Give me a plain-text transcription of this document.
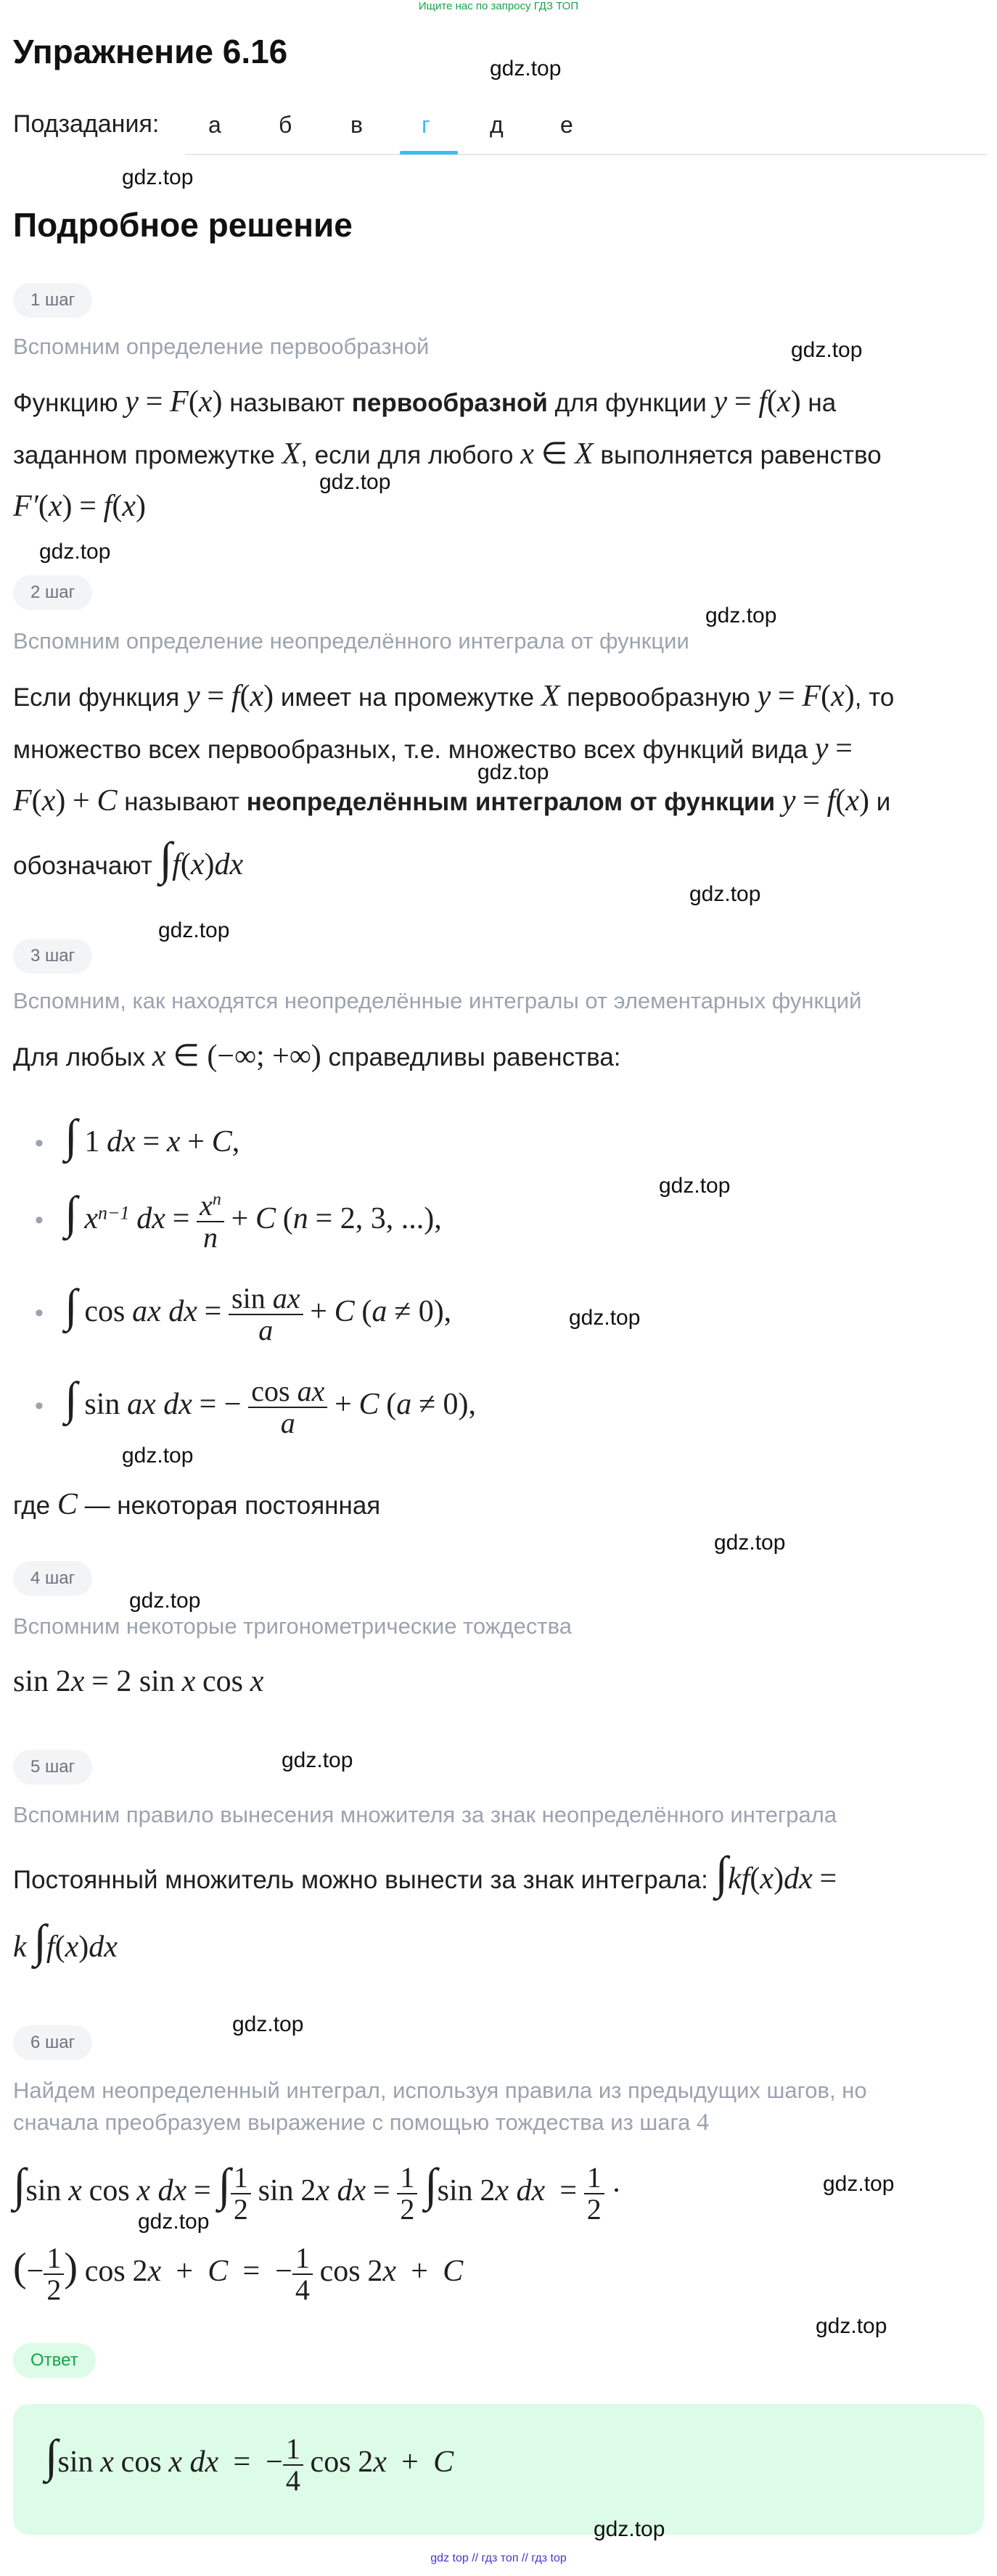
Ищите нас по запросу ГДЗ ТОП
Упражнение 6.16	gdz.top
Подзадания: а б	в	г	д е
gdz.top
Подробное решение
1 шаг
Вспомним определение первообразной	gdz.top
Функцию y = F(x) называют первообразной для функции y = f(x) на
заданном промежутке X, если для любого x ∈ X выполняется равенство
gdz.top
F′(x) = f(x)
gdz.top
2 шаг
gdz.top
Вспомним определение неопределённого интеграла от функции
Если функция y = f(x) имеет на промежутке X первообразную y = F(x), то
множество всех первообразных, т.е. множество всех функций вида y =
gdz.top
F(x) + C называют неопределённым интегралом от функции y = f(x) и
обозначают ∫f(x)dx
gdz.top
gdz.top
3 шаг
Вспомним, как находятся неопределённые интегралы от элементарных функций
Для любых x ∈ (−∞; +∞) справедливы равенства:
• ∫ 1 dx = x + C,
gdz.top
• ∫ $x^{n-1}$ dx = $\frac{x^n}{n} + C$ (n = 2, 3, ...),
• ∫ cos ax dx = $\frac{\text{sin ax}}{a} + C$ (a ≠ 0),	gdz.top
• ∫ sin ax dx = − $\frac{\text{cos ax}}{a} + C$ (a ≠ 0),
gdz.top
где C — некоторая постоянная
gdz.top
4 шаг
gdz.top
Вспомним некоторые тригонометрические тождества
sin 2x = 2 sin x cos x
gdz.top
5 шаг
Вспомним правило вынесения множителя за знак неопределённого интеграла
Постоянный множитель можно вынести за знак интеграла: ∫kf(x)dx =
k ∫f(x)dx
gdz.top
6 шаг
Найдем неопределенный интеграл, используя правила из предыдущих шагов, но
сначала преобразуем выражение с помощью тождества из шага 4
∫sin x cos x dx = ∫ $\frac{1}{2}$ sin 2x dx = $\frac{1}{2} \int\sin$ 2x dx  = $\frac{1}{2}$ ·	gdz.top
gdz.top
(− $\frac{1}{2}$ ) cos 2x  +  C  =  − $\frac{1}{4}$ cos 2x  +  C
gdz.top
Ответ
∫sin x cos x dx  =  − $\frac{1}{4}$ cos 2x  +  C
gdz.top
gdz top // гдз топ // гдз top
